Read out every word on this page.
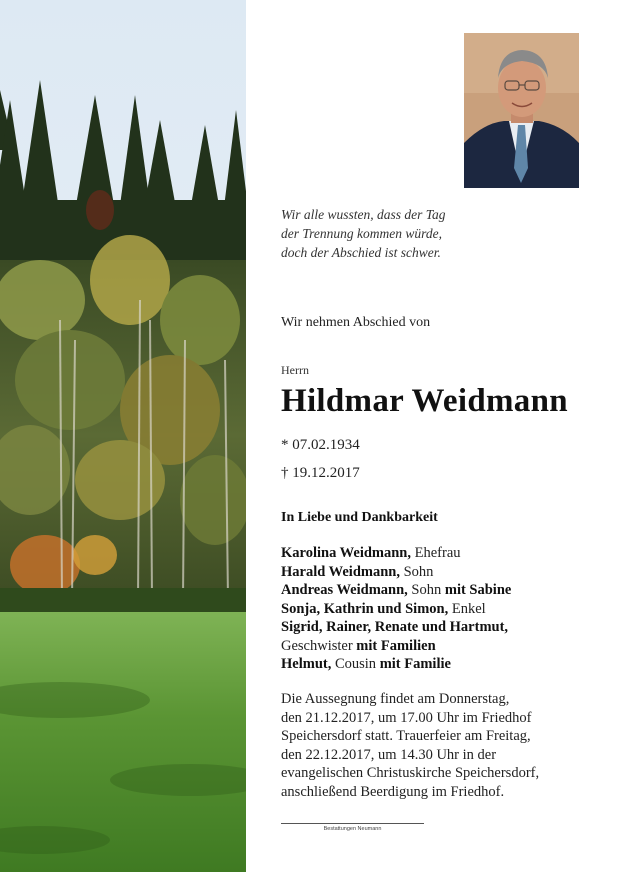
Wir alle wussten, dass der Tag
der Trennung kommen würde,
doch der Abschied ist schwer.
Wir nehmen Abschied von
Herrn
Hildmar Weidmann
* 07.02.1934
† 19.12.2017
In Liebe und Dankbarkeit
Karolina Weidmann, Ehefrau
Harald Weidmann, Sohn
Andreas Weidmann, Sohn mit Sabine
Sonja, Kathrin und Simon, Enkel
Sigrid, Rainer, Renate und Hartmut,
Geschwister mit Familien
Helmut, Cousin mit Familie
Die Aussegnung findet am Donnerstag,
den 21.12.2017, um 17.00 Uhr im Friedhof
Speichersdorf statt. Trauerfeier am Freitag,
den 22.12.2017, um 14.30 Uhr in der
evangelischen Christuskirche Speichersdorf,
anschließend Beerdigung im Friedhof.
Bestattungen Neumann
